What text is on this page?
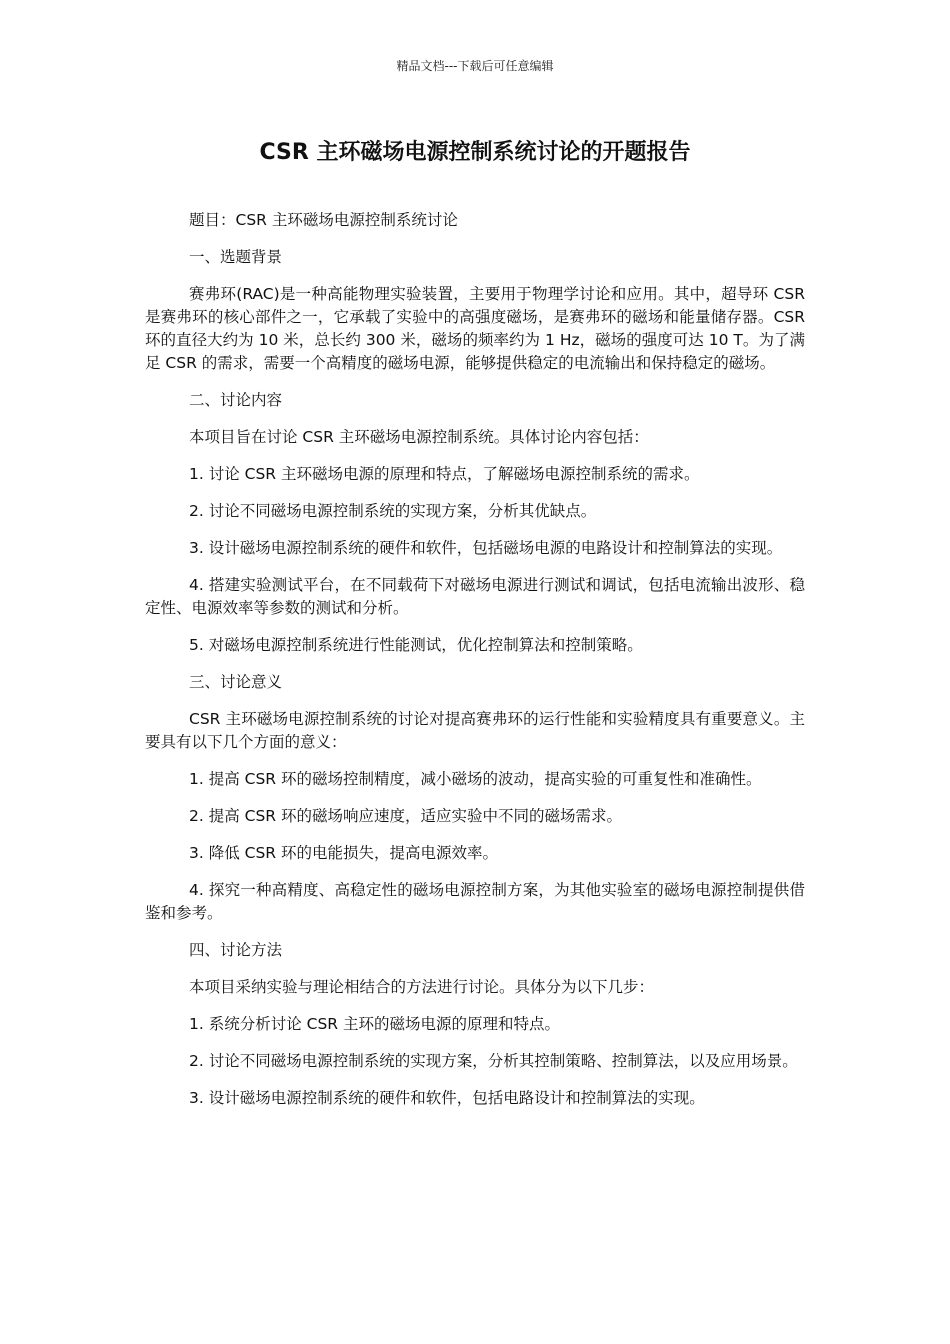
精品文档---下载后可任意编辑
CSR 主环磁场电源控制系统讨论的开题报告

题目：CSR 主环磁场电源控制系统讨论

一、选题背景

赛弗环(RAC)是一种高能物理实验装置，主要用于物理学讨论和应用。其中，超导环 CSR 是赛弗环的核心部件之一，它承载了实验中的高强度磁场，是赛弗环的磁场和能量储存器。CSR 环的直径大约为 10 米，总长约 300 米，磁场的频率约为 1 Hz，磁场的强度可达 10 T。为了满足 CSR 的需求，需要一个高精度的磁场电源，能够提供稳定的电流输出和保持稳定的磁场。

二、讨论内容

本项目旨在讨论 CSR 主环磁场电源控制系统。具体讨论内容包括：

1. 讨论 CSR 主环磁场电源的原理和特点，了解磁场电源控制系统的需求。

2. 讨论不同磁场电源控制系统的实现方案，分析其优缺点。

3. 设计磁场电源控制系统的硬件和软件，包括磁场电源的电路设计和控制算法的实现。

4. 搭建实验测试平台，在不同载荷下对磁场电源进行测试和调试，包括电流输出波形、稳定性、电源效率等参数的测试和分析。

5. 对磁场电源控制系统进行性能测试，优化控制算法和控制策略。

三、讨论意义

CSR 主环磁场电源控制系统的讨论对提高赛弗环的运行性能和实验精度具有重要意义。主要具有以下几个方面的意义：

1. 提高 CSR 环的磁场控制精度，减小磁场的波动，提高实验的可重复性和准确性。

2. 提高 CSR 环的磁场响应速度，适应实验中不同的磁场需求。

3. 降低 CSR 环的电能损失，提高电源效率。

4. 探究一种高精度、高稳定性的磁场电源控制方案，为其他实验室的磁场电源控制提供借鉴和参考。

四、讨论方法

本项目采纳实验与理论相结合的方法进行讨论。具体分为以下几步：

1. 系统分析讨论 CSR 主环的磁场电源的原理和特点。

2. 讨论不同磁场电源控制系统的实现方案，分析其控制策略、控制算法，以及应用场景。

3. 设计磁场电源控制系统的硬件和软件，包括电路设计和控制算法的实现。
